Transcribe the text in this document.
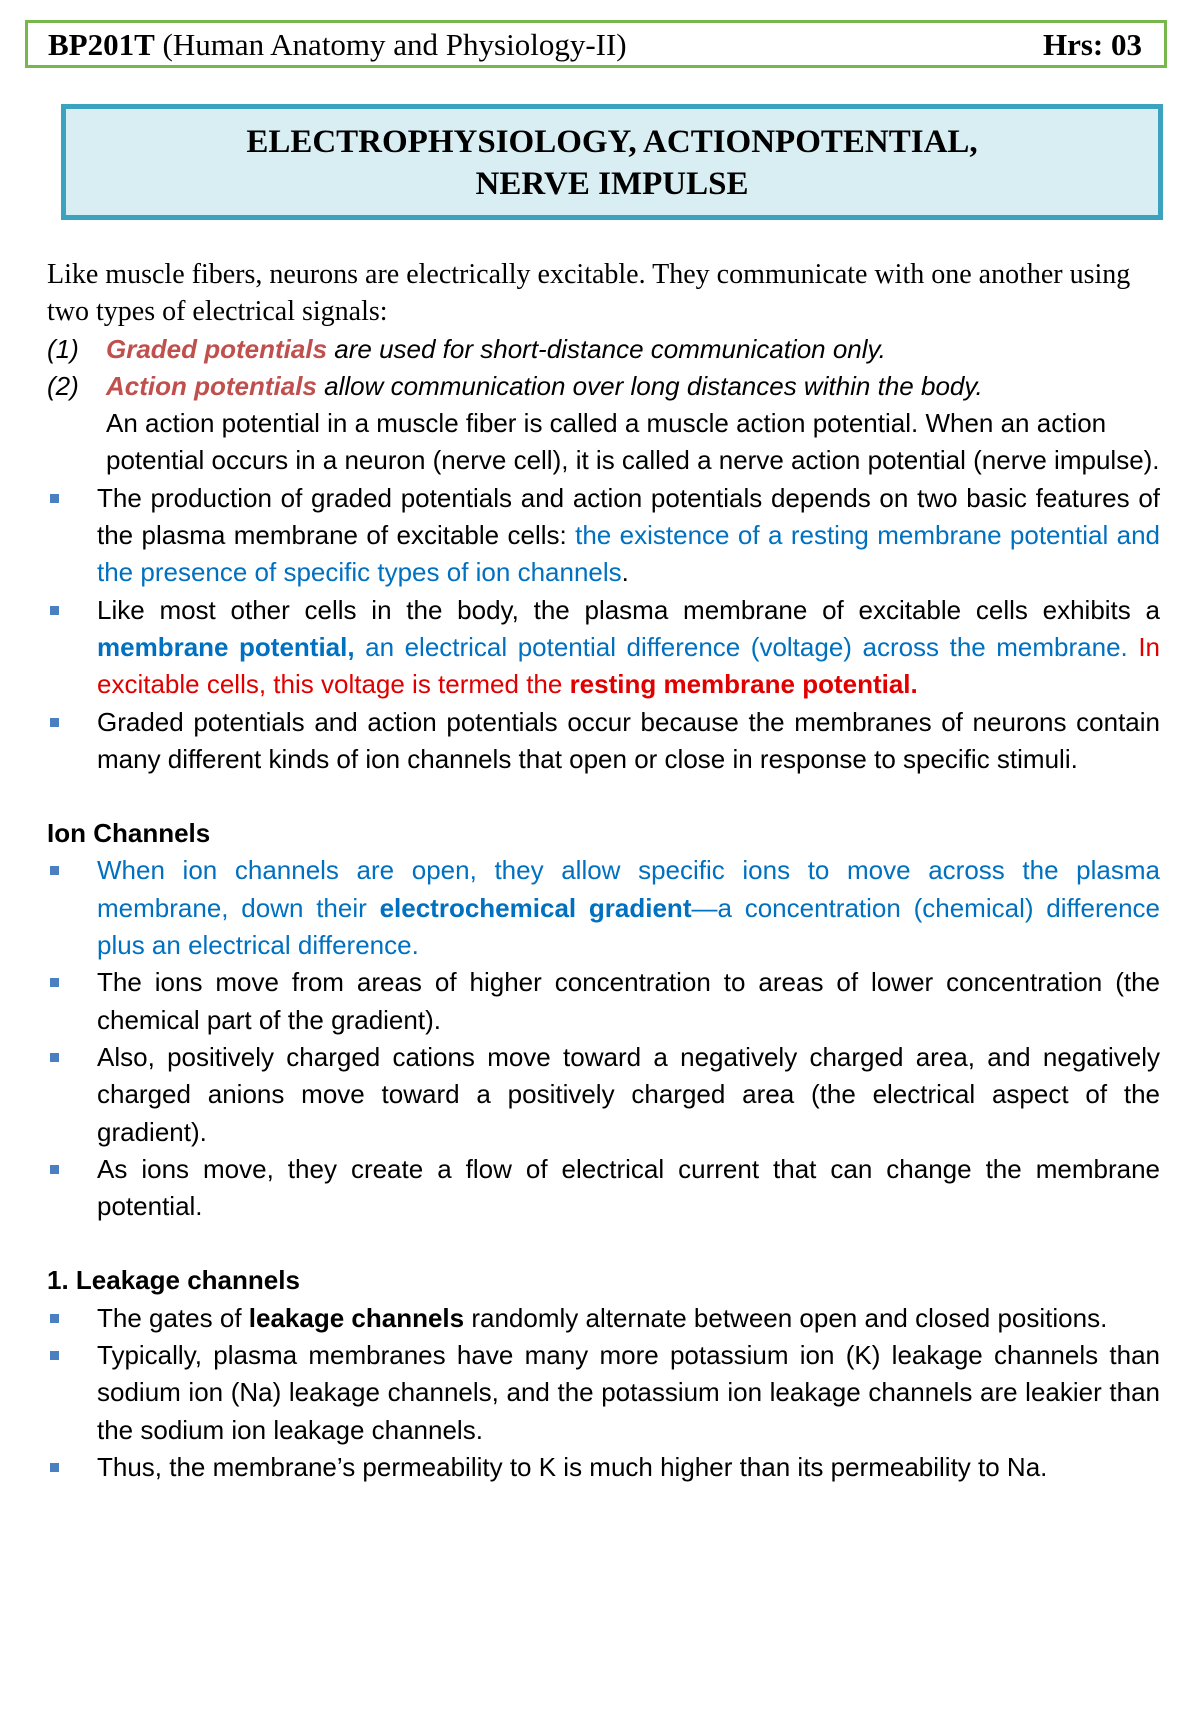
BP201T (Human Anatomy and Physiology-II)	Hrs: 03
ELECTROPHYSIOLOGY, ACTIONPOTENTIAL,
NERVE IMPULSE
Like muscle fibers, neurons are electrically excitable. They communicate with one another using two types of electrical signals:
(1) Graded potentials are used for short-distance communication only.
(2) Action potentials allow communication over long distances within the body.
An action potential in a muscle fiber is called a muscle action potential. When an action potential occurs in a neuron (nerve cell), it is called a nerve action potential (nerve impulse).
The production of graded potentials and action potentials depends on two basic features of the plasma membrane of excitable cells: the existence of a resting membrane potential and the presence of specific types of ion channels.
Like most other cells in the body, the plasma membrane of excitable cells exhibits a membrane potential, an electrical potential difference (voltage) across the membrane. In excitable cells, this voltage is termed the resting membrane potential.
Graded potentials and action potentials occur because the membranes of neurons contain many different kinds of ion channels that open or close in response to specific stimuli.
Ion Channels
When ion channels are open, they allow specific ions to move across the plasma membrane, down their electrochemical gradient—a concentration (chemical) difference plus an electrical difference.
The ions move from areas of higher concentration to areas of lower concentration (the chemical part of the gradient).
Also, positively charged cations move toward a negatively charged area, and negatively charged anions move toward a positively charged area (the electrical aspect of the gradient).
As ions move, they create a flow of electrical current that can change the membrane potential.
1. Leakage channels
The gates of leakage channels randomly alternate between open and closed positions.
Typically, plasma membranes have many more potassium ion (K) leakage channels than sodium ion (Na) leakage channels, and the potassium ion leakage channels are leakier than the sodium ion leakage channels.
Thus, the membrane’s permeability to K is much higher than its permeability to Na.
